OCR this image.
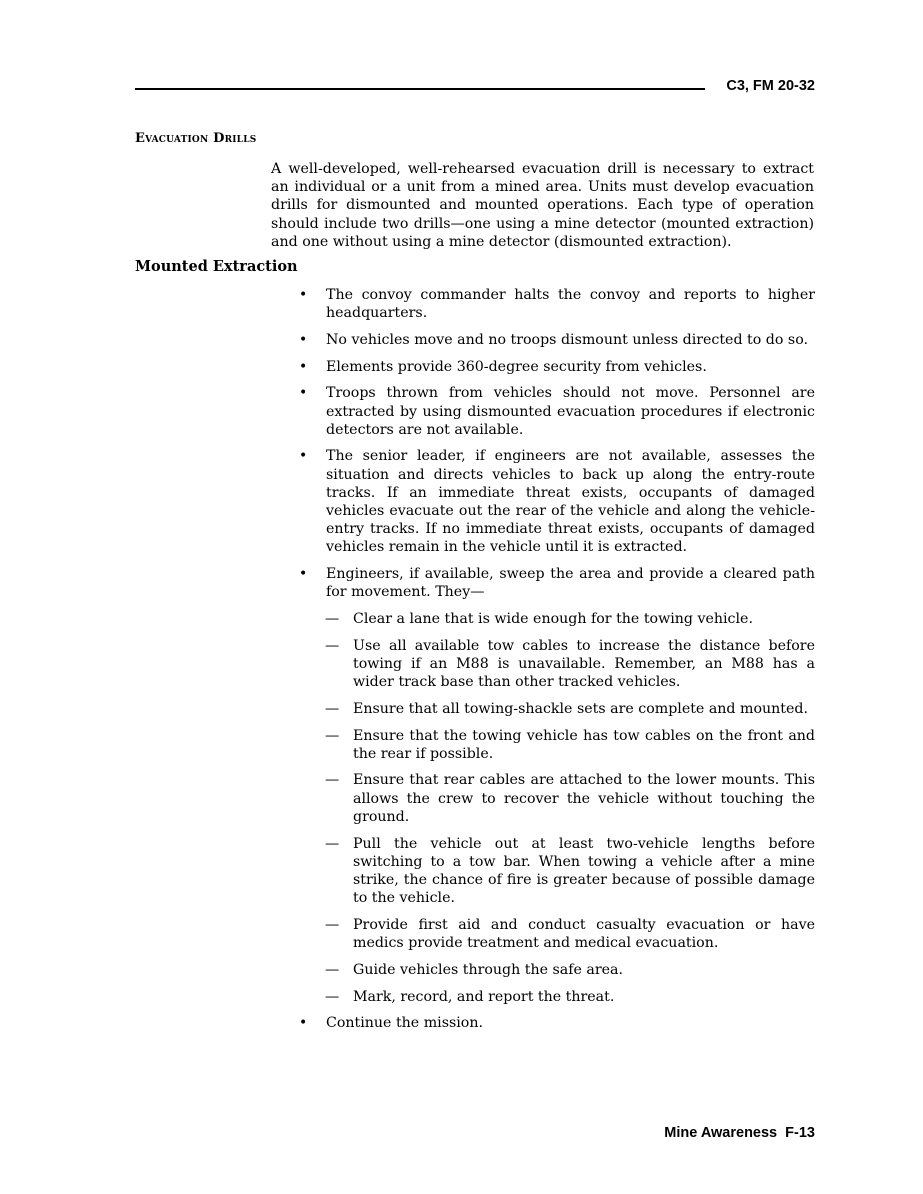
C3, FM 20-32
Evacuation Drills

A well-developed, well-rehearsed evacuation drill is necessary to extract an individual or a unit from a mined area. Units must develop evacuation drills for dismounted and mounted operations. Each type of operation should include two drills—one using a mine detector (mounted extraction) and one without using a mine detector (dismounted extraction).

Mounted Extraction
• The convoy commander halts the convoy and reports to higher headquarters.
• No vehicles move and no troops dismount unless directed to do so.
• Elements provide 360-degree security from vehicles.
• Troops thrown from vehicles should not move. Personnel are extracted by using dismounted evacuation procedures if electronic detectors are not available.
• The senior leader, if engineers are not available, assesses the situation and directs vehicles to back up along the entry-route tracks. If an immediate threat exists, occupants of damaged vehicles evacuate out the rear of the vehicle and along the vehicle-entry tracks. If no immediate threat exists, occupants of damaged vehicles remain in the vehicle until it is extracted.
• Engineers, if available, sweep the area and provide a cleared path for movement. They—
— Clear a lane that is wide enough for the towing vehicle.
— Use all available tow cables to increase the distance before towing if an M88 is unavailable. Remember, an M88 has a wider track base than other tracked vehicles.
— Ensure that all towing-shackle sets are complete and mounted.
— Ensure that the towing vehicle has tow cables on the front and the rear if possible.
— Ensure that rear cables are attached to the lower mounts. This allows the crew to recover the vehicle without touching the ground.
— Pull the vehicle out at least two-vehicle lengths before switching to a tow bar. When towing a vehicle after a mine strike, the chance of fire is greater because of possible damage to the vehicle.
— Provide first aid and conduct casualty evacuation or have medics provide treatment and medical evacuation.
— Guide vehicles through the safe area.
— Mark, record, and report the threat.
• Continue the mission.
Mine Awareness  F-13
